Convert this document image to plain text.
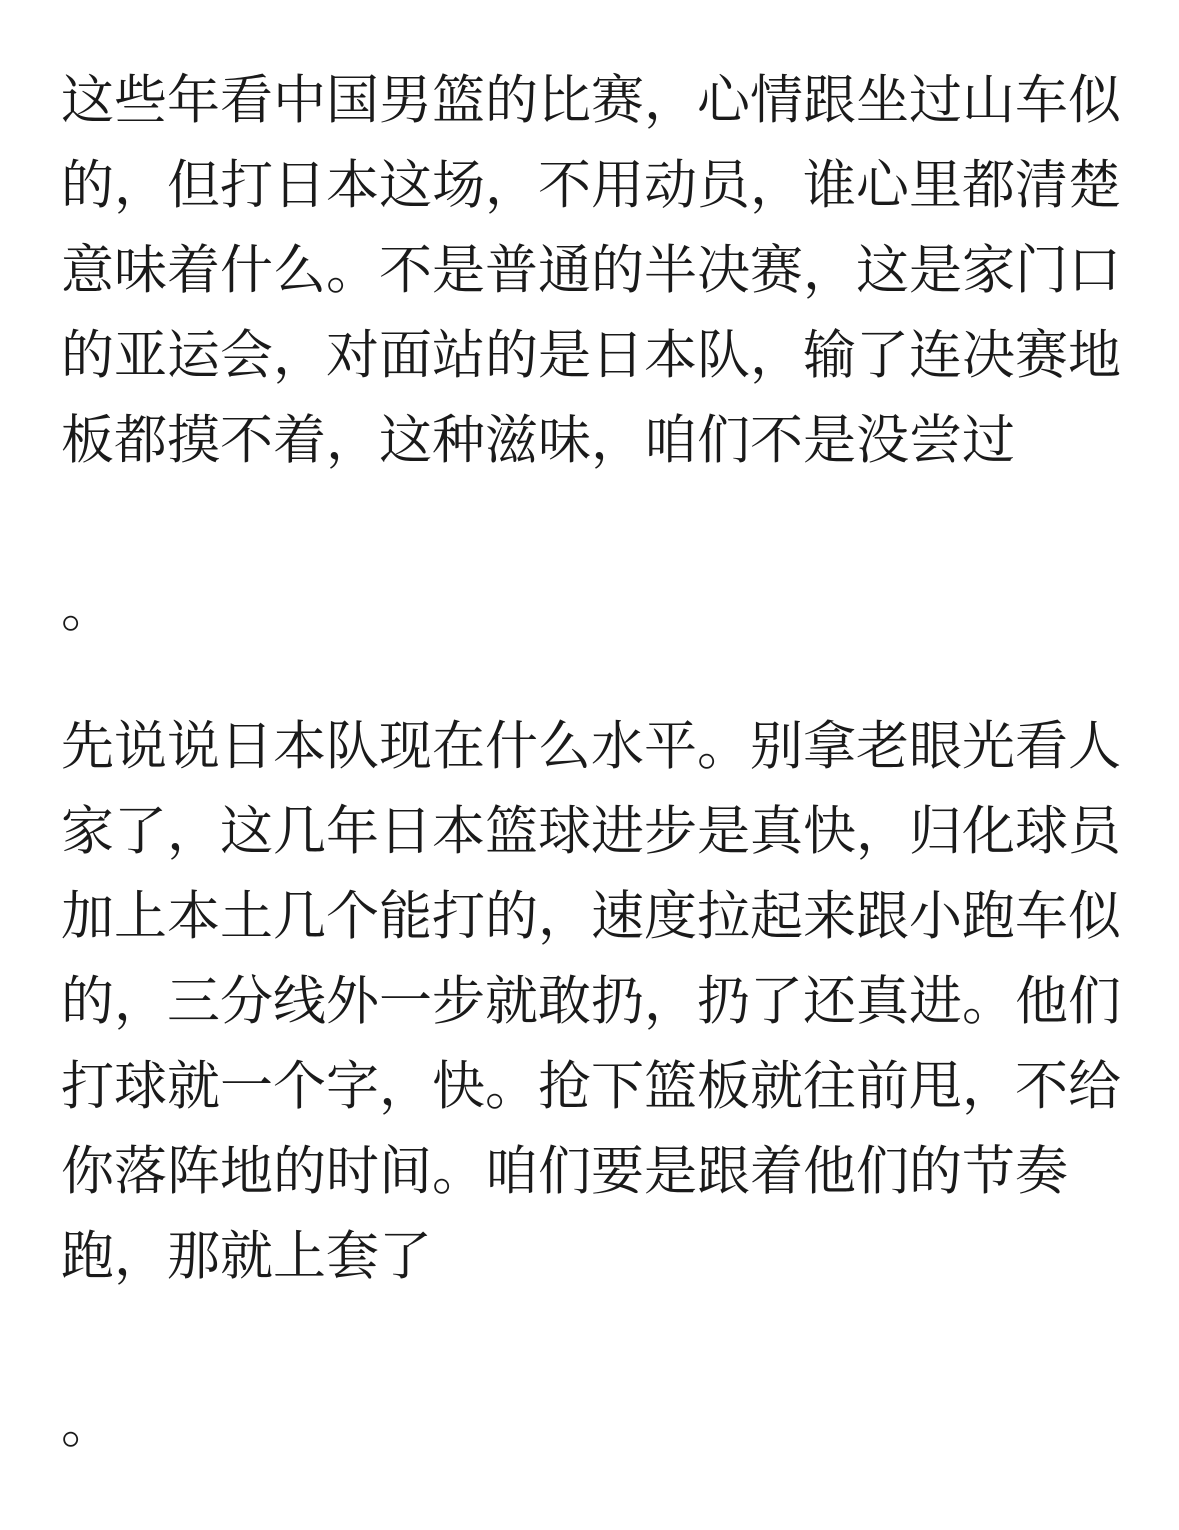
这些年看中国男篮的比赛，心情跟坐过山车似的，但打日本这场，不用动员，谁心里都清楚意味着什么。不是普通的半决赛，这是家门口的亚运会，对面站的是日本队，输了连决赛地板都摸不着，这种滋味，咱们不是没尝过

。

先说说日本队现在什么水平。别拿老眼光看人家了，这几年日本篮球进步是真快，归化球员加上本土几个能打的，速度拉起来跟小跑车似的，三分线外一步就敢扔，扔了还真进。他们打球就一个字，快。抢下篮板就往前甩，不给你落阵地的时间。咱们要是跟着他们的节奏跑，那就上套了

。
